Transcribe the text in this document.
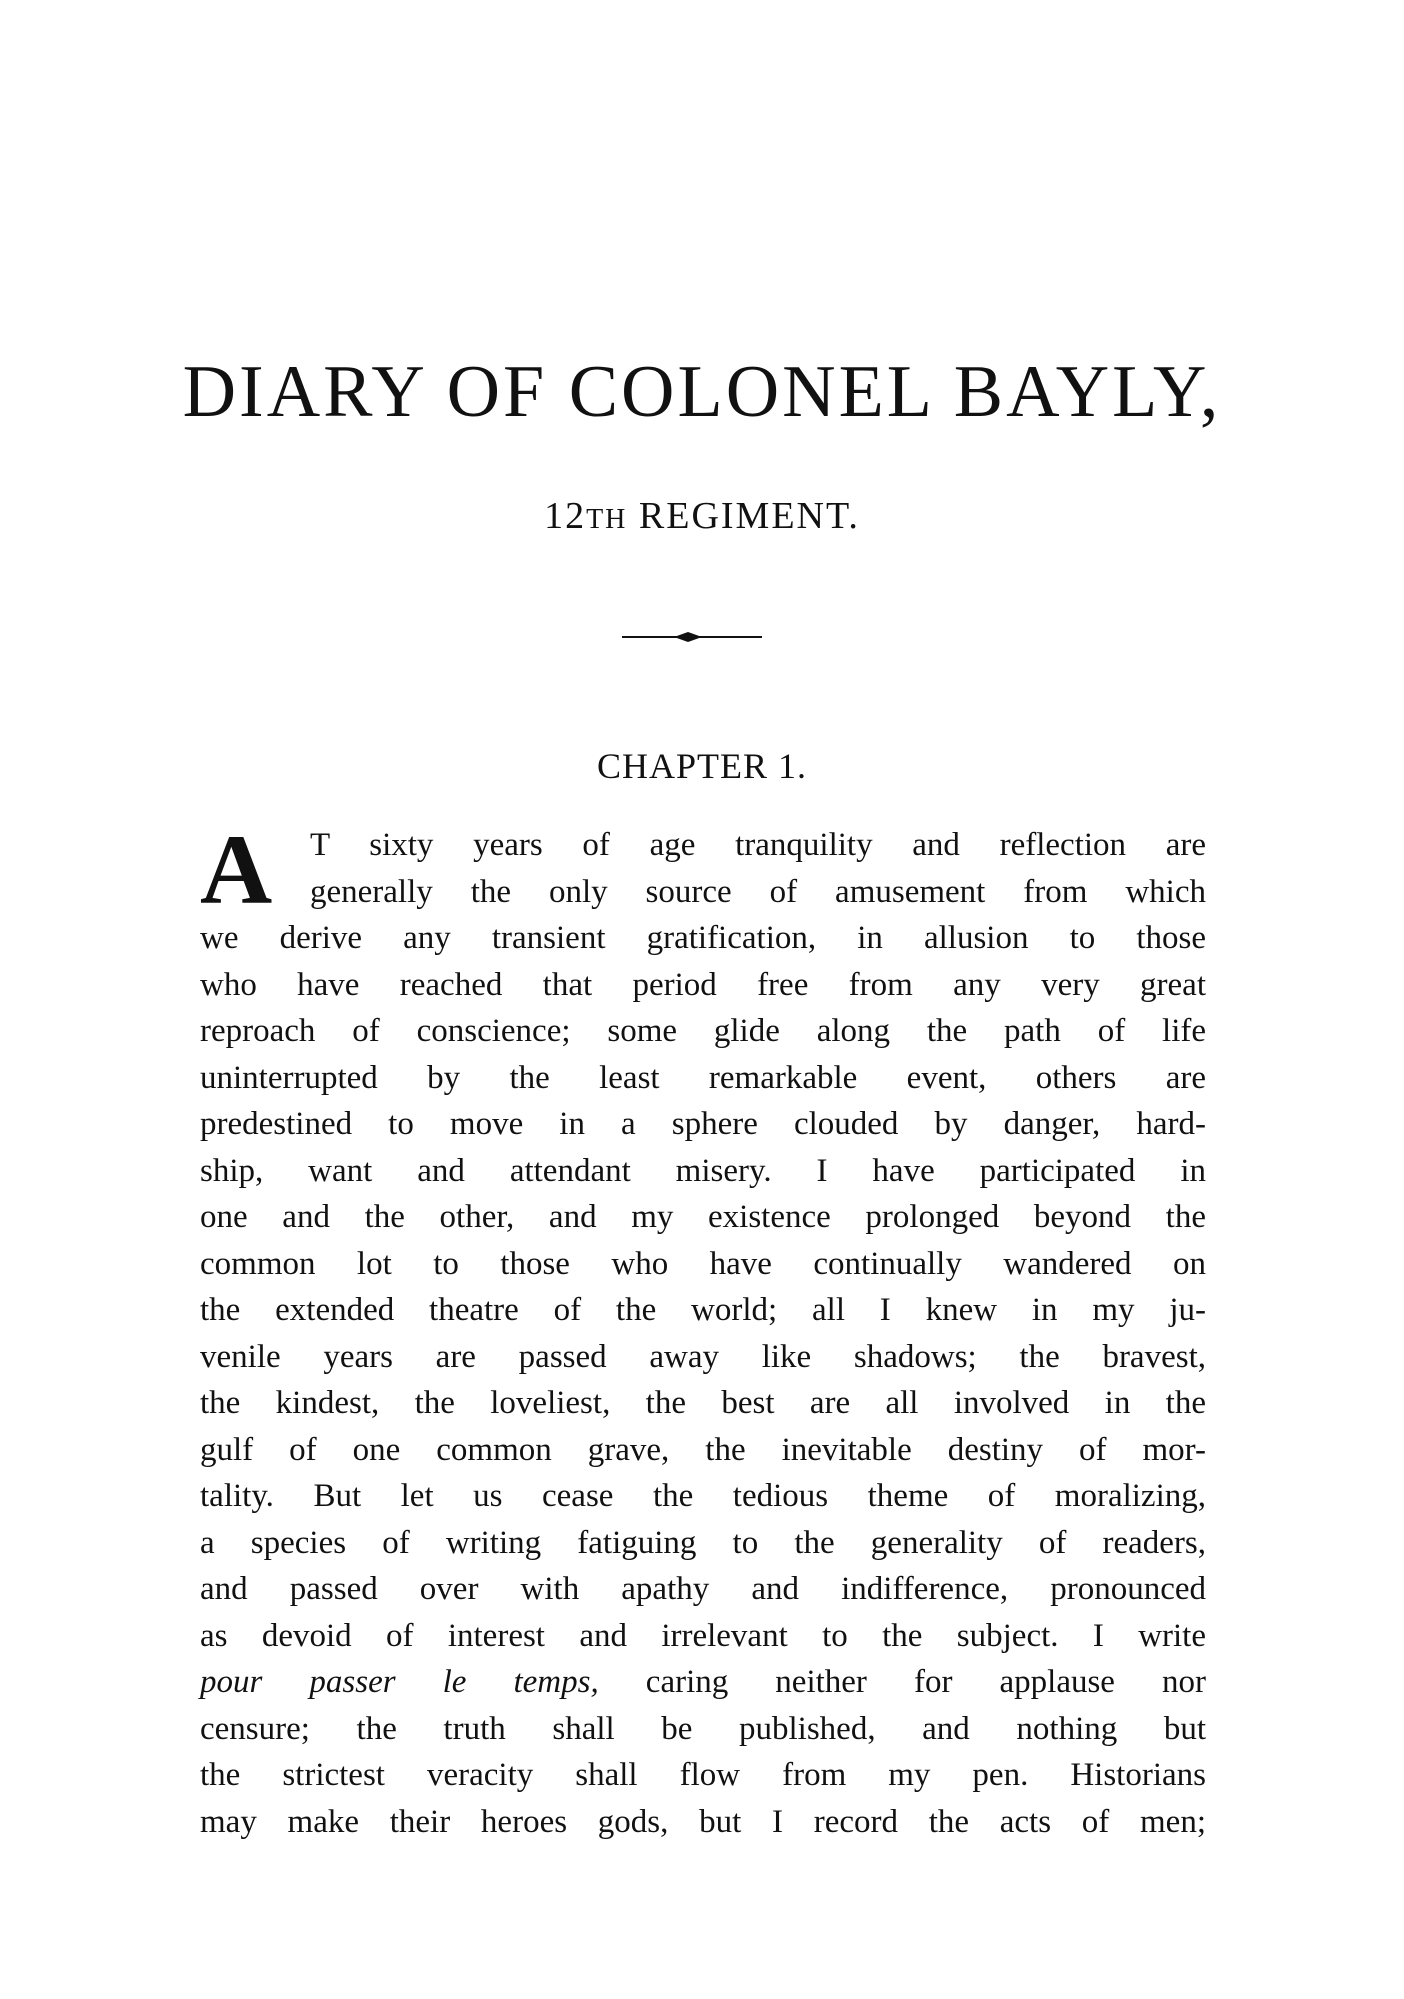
DIARY OF COLONEL BAYLY,
12TH REGIMENT.
CHAPTER 1.
A	T sixty years of age tranquility and reflection are
generally the only source of amusement from which
we derive any transient gratification, in allusion to those
who have reached that period free from any very great
reproach of conscience; some glide along the path of life
uninterrupted by the least remarkable event, others are
predestined to move in a sphere clouded by danger, hard-
ship, want and attendant misery. I have participated in
one and the other, and my existence prolonged beyond the
common lot to those who have continually wandered on
the extended theatre of the world; all I knew in my ju-
venile years are passed away like shadows; the bravest,
the kindest, the loveliest, the best are all involved in the
gulf of one common grave, the inevitable destiny of mor-
tality. But let us cease the tedious theme of moralizing,
a species of writing fatiguing to the generality of readers,
and passed over with apathy and indifference, pronounced
as devoid of interest and irrelevant to the subject. I write
pour passer le temps, caring neither for applause nor
censure; the truth shall be published, and nothing but
the strictest veracity shall flow from my pen. Historians
may make their heroes gods, but I record the acts of men;
